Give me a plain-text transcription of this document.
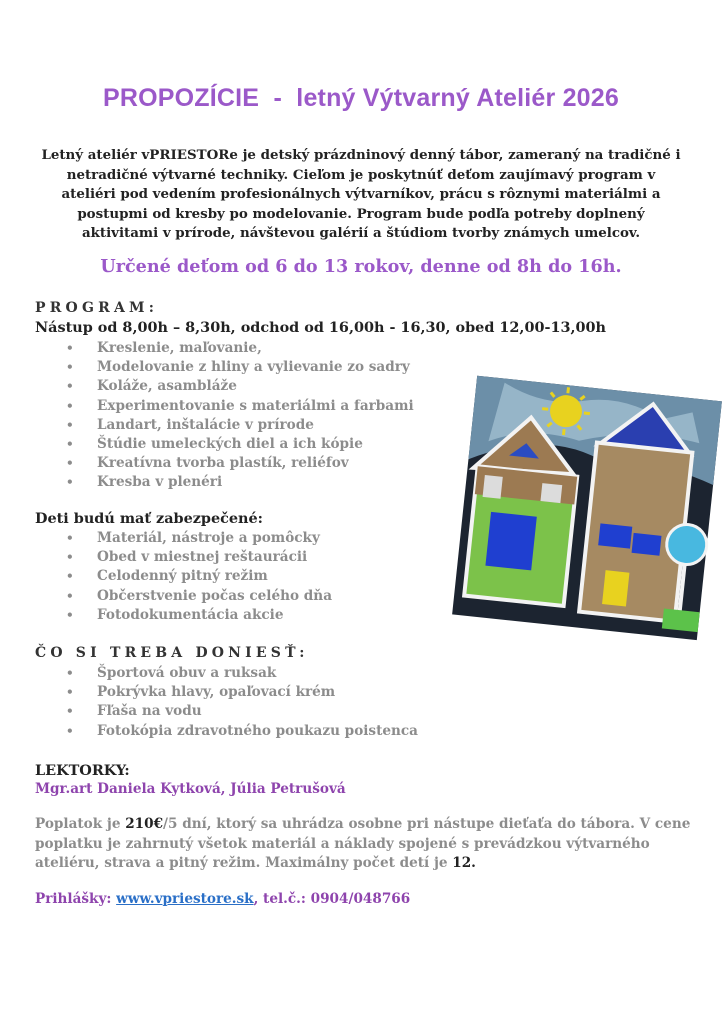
PROPOZÍCIE  -  letný Výtvarný Ateliér 2026
Letný ateliér vPRIESTORe je detský prázdninový denný tábor, zameraný na tradičné i netradičné výtvarné techniky. Cieľom je poskytnúť deťom zaujímavý program v ateliéri pod vedením profesionálnych výtvarníkov, prácu s rôznymi materiálmi a postupmi od kresby po modelovanie. Program bude podľa potreby doplnený aktivitami v prírode, návštevou galérií a štúdiom tvorby známych umelcov.
Určené deťom od 6 do 13 rokov, denne od 8h do 16h.
PROGRAM:
Nástup od 8,00h – 8,30h, odchod od 16,00h - 16,30, obed 12,00-13,00h
• Kreslenie, maľovanie,
• Modelovanie z hliny a vylievanie zo sadry
• Koláže, asambláže
• Experimentovanie s materiálmi a farbami
• Landart, inštalácie v prírode
• Štúdie umeleckých diel a ich kópie
• Kreatívna tvorba plastík, reliéfov
• Kresba v plenéri
Deti budú mať zabezpečené:
• Materiál, nástroje a pomôcky
• Obed v miestnej reštaurácii
• Celodenný pitný režim
• Občerstvenie počas celého dňa
• Fotodokumentácia akcie
ČO SI TREBA DONIESŤ:
• Športová obuv a ruksak
• Pokrývka hlavy, opaľovací krém
• Fľaša na vodu
• Fotokópia zdravotného poukazu poistenca
LEKTORKY:
Mgr.art Daniela Kytková, Júlia Petrušová
Poplatok je 210€/5 dní, ktorý sa uhrádza osobne pri nástupe dieťaťa do tábora. V cene poplatku je zahrnutý všetok materiál a náklady spojené s prevádzkou výtvarného ateliéru, strava a pitný režim. Maximálny počet detí je 12.
Prihlášky: www.vpriestore.sk, tel.č.: 0904/048766
